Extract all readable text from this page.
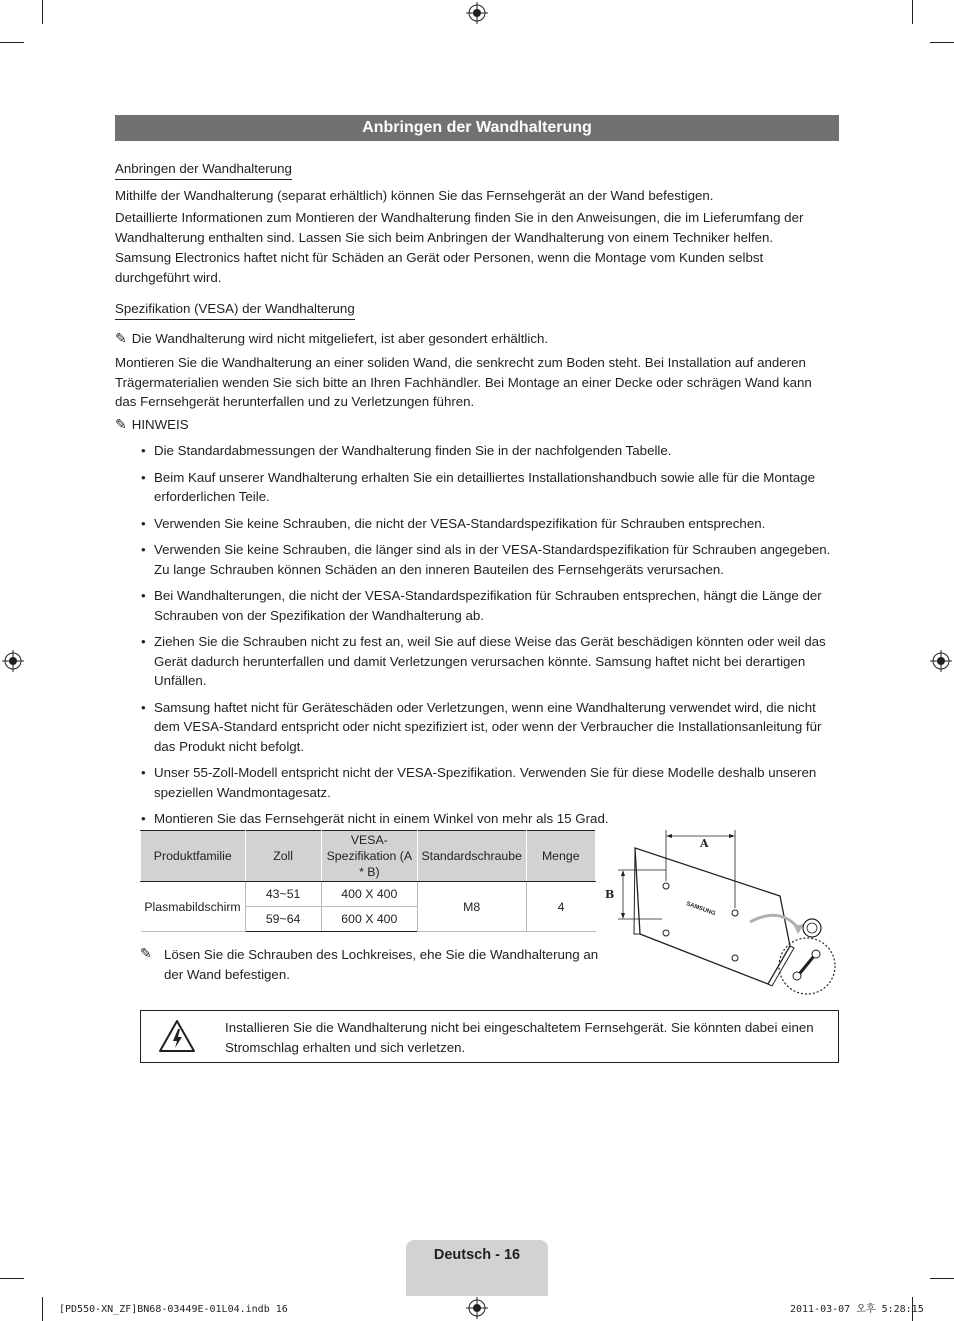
Anbringen der Wandhalterung
Anbringen der Wandhalterung

Mithilfe der Wandhalterung (separat erhältlich) können Sie das Fernsehgerät an der Wand befestigen.

Detaillierte Informationen zum Montieren der Wandhalterung finden Sie in den Anweisungen, die im Lieferumfang der Wandhalterung enthalten sind. Lassen Sie sich beim Anbringen der Wandhalterung von einem Techniker helfen.

Samsung Electronics haftet nicht für Schäden an Gerät oder Personen, wenn die Montage vom Kunden selbst durchgeführt wird.

Spezifikation (VESA) der Wandhalterung
✎ Die Wandhalterung wird nicht mitgeliefert, ist aber gesondert erhältlich.

Montieren Sie die Wandhalterung an einer soliden Wand, die senkrecht zum Boden steht. Bei Installation auf anderen Trägermaterialien wenden Sie sich bitte an Ihren Fachhändler. Bei Montage an einer Decke oder schrägen Wand kann das Fernsehgerät herunterfallen und zu Verletzungen führen.

✎ HINWEIS
• Die Standardabmessungen der Wandhalterung finden Sie in der nachfolgenden Tabelle.
• Beim Kauf unserer Wandhalterung erhalten Sie ein detailliertes Installationshandbuch sowie alle für die Montage erforderlichen Teile.
• Verwenden Sie keine Schrauben, die nicht der VESA-Standardspezifikation für Schrauben entsprechen.
• Verwenden Sie keine Schrauben, die länger sind als in der VESA-Standardspezifikation für Schrauben angegeben. Zu lange Schrauben können Schäden an den inneren Bauteilen des Fernsehgeräts verursachen.
• Bei Wandhalterungen, die nicht der VESA-Standardspezifikation für Schrauben entsprechen, hängt die Länge der Schrauben von der Spezifikation der Wandhalterung ab.
• Ziehen Sie die Schrauben nicht zu fest an, weil Sie auf diese Weise das Gerät beschädigen könnten oder weil das Gerät dadurch herunterfallen und damit Verletzungen verursachen könnte. Samsung haftet nicht bei derartigen Unfällen.
• Samsung haftet nicht für Geräteschäden oder Verletzungen, wenn eine Wandhalterung verwendet wird, die nicht dem VESA-Standard entspricht oder nicht spezifiziert ist, oder wenn der Verbraucher die Installationsanleitung für das Produkt nicht befolgt.
• Unser 55-Zoll-Modell entspricht nicht der VESA-Spezifikation. Verwenden Sie für diese Modelle deshalb unseren speziellen Wandmontagesatz.
• Montieren Sie das Fernsehgerät nicht in einem Winkel von mehr als 15 Grad.
Produktfamilie	Zoll	VESA-Spezifikation (A * B)	Standardschraube	Menge
Plasmabildschirm	43~51	400 X 400	M8	4
	59~64	600 X 400		
✎ Lösen Sie die Schrauben des Lochkreises, ehe Sie die Wandhalterung an der Wand befestigen.
A
B
SAMSUNG
Installieren Sie die Wandhalterung nicht bei eingeschaltetem Fernsehgerät. Sie könnten dabei einen Stromschlag erhalten und sich verletzen.
Deutsch - 16
[PD550-XN_ZF]BN68-03449E-01L04.indb 16	2011-03-07 오후 5:28:15
